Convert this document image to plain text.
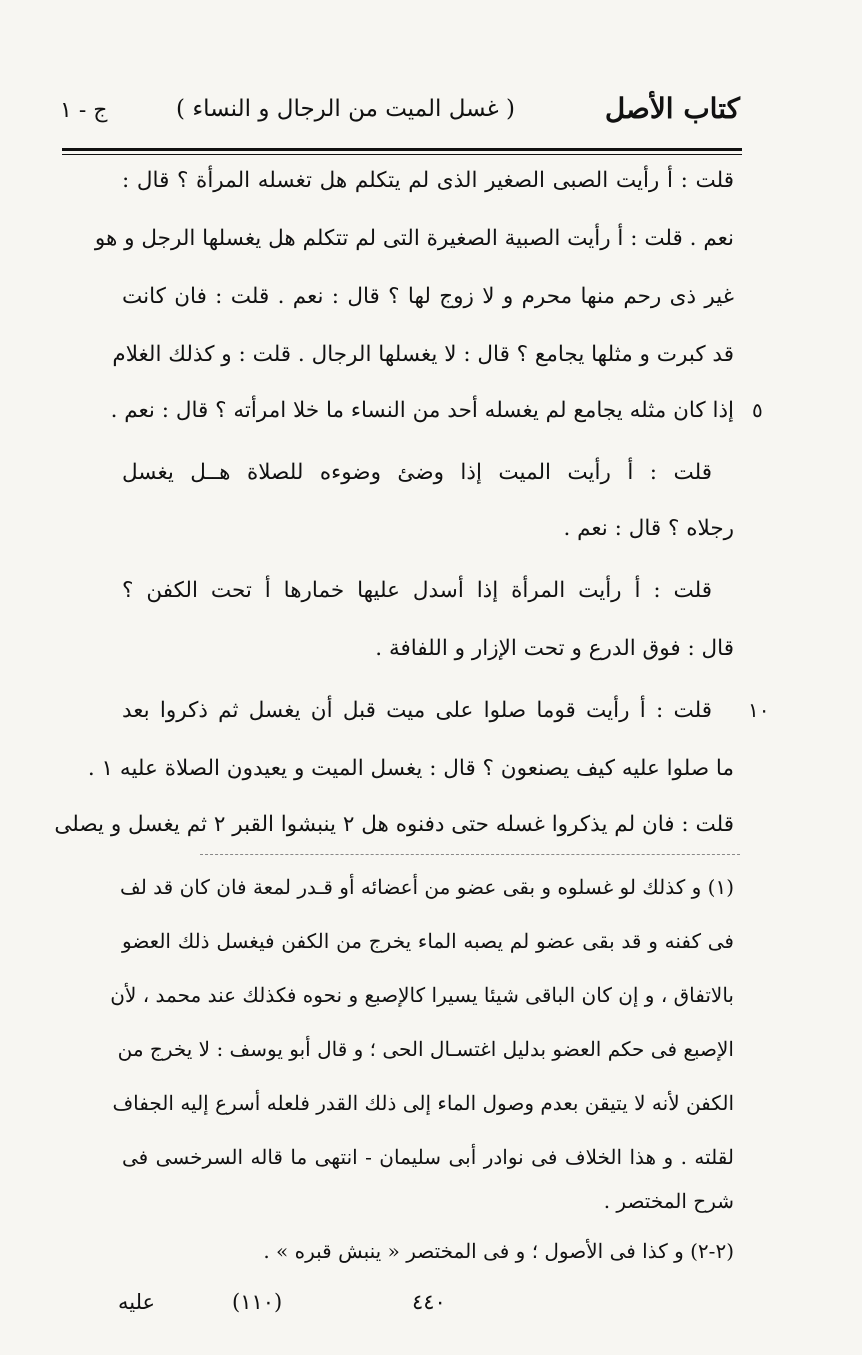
كتاب الأصل
( غسل الميت من الرجال و النساء )
ج - ١
قلت : أ رأيت الصبى الصغير الذى لم يتكلم هل تغسله المرأة ؟ قال :
نعم . قلت : أ رأيت الصبية الصغيرة التى لم تتكلم هل يغسلها الرجل و هو
غير ذى رحم منها محرم و لا زوج لها ؟ قال : نعم . قلت : فان كانت
قد كبرت و مثلها يجامع ؟ قال : لا يغسلها الرجال . قلت : و كذلك الغلام
إذا كان مثله يجامع لم يغسله أحد من النساء ما خلا امرأته ؟ قال : نعم . ٥
قلت : أ رأيت الميت إذا وضئ وضوءه للصلاة هــل يغسل
رجلاه ؟ قال : نعم .
قلت : أ رأيت المرأة إذا أسدل عليها خمارها أ تحت الكفن ؟
قال : فوق الدرع و تحت الإزار و اللفافة .
قلت : أ رأيت قوما صلوا على ميت قبل أن يغسل ثم ذكروا بعد ١٠
ما صلوا عليه كيف يصنعون ؟ قال : يغسل الميت و يعيدون الصلاة عليه ١ .
قلت : فان لم يذكروا غسله حتى دفنوه هل ٢ ينبشوا القبر ٢ ثم يغسل و يصلى
(١) و كذلك لو غسلوه و بقى عضو من أعضائه أو قـدر لمعة فان كان قد لف
فى كفنه و قد بقى عضو لم يصبه الماء يخرج من الكفن فيغسل ذلك العضو
بالاتفاق ، و إن كان الباقى شيئا يسيرا كالإصبع و نحوه فكذلك عند محمد ، لأن
الإصبع فى حكم العضو بدليل اغتسـال الحى ؛ و قال أبو يوسف : لا يخرج من
الكفن لأنه لا يتيقن بعدم وصول الماء إلى ذلك القدر فلعله أسرع إليه الجفاف
لقلته . و هذا الخلاف فى نوادر أبى سليمان - انتهى ما قاله السرخسى فى
شرح المختصر .
(٢-٢) و كذا فى الأصول ؛ و فى المختصر « ينبش قبره » .
عليه	(١١٠)	٤٤٠
